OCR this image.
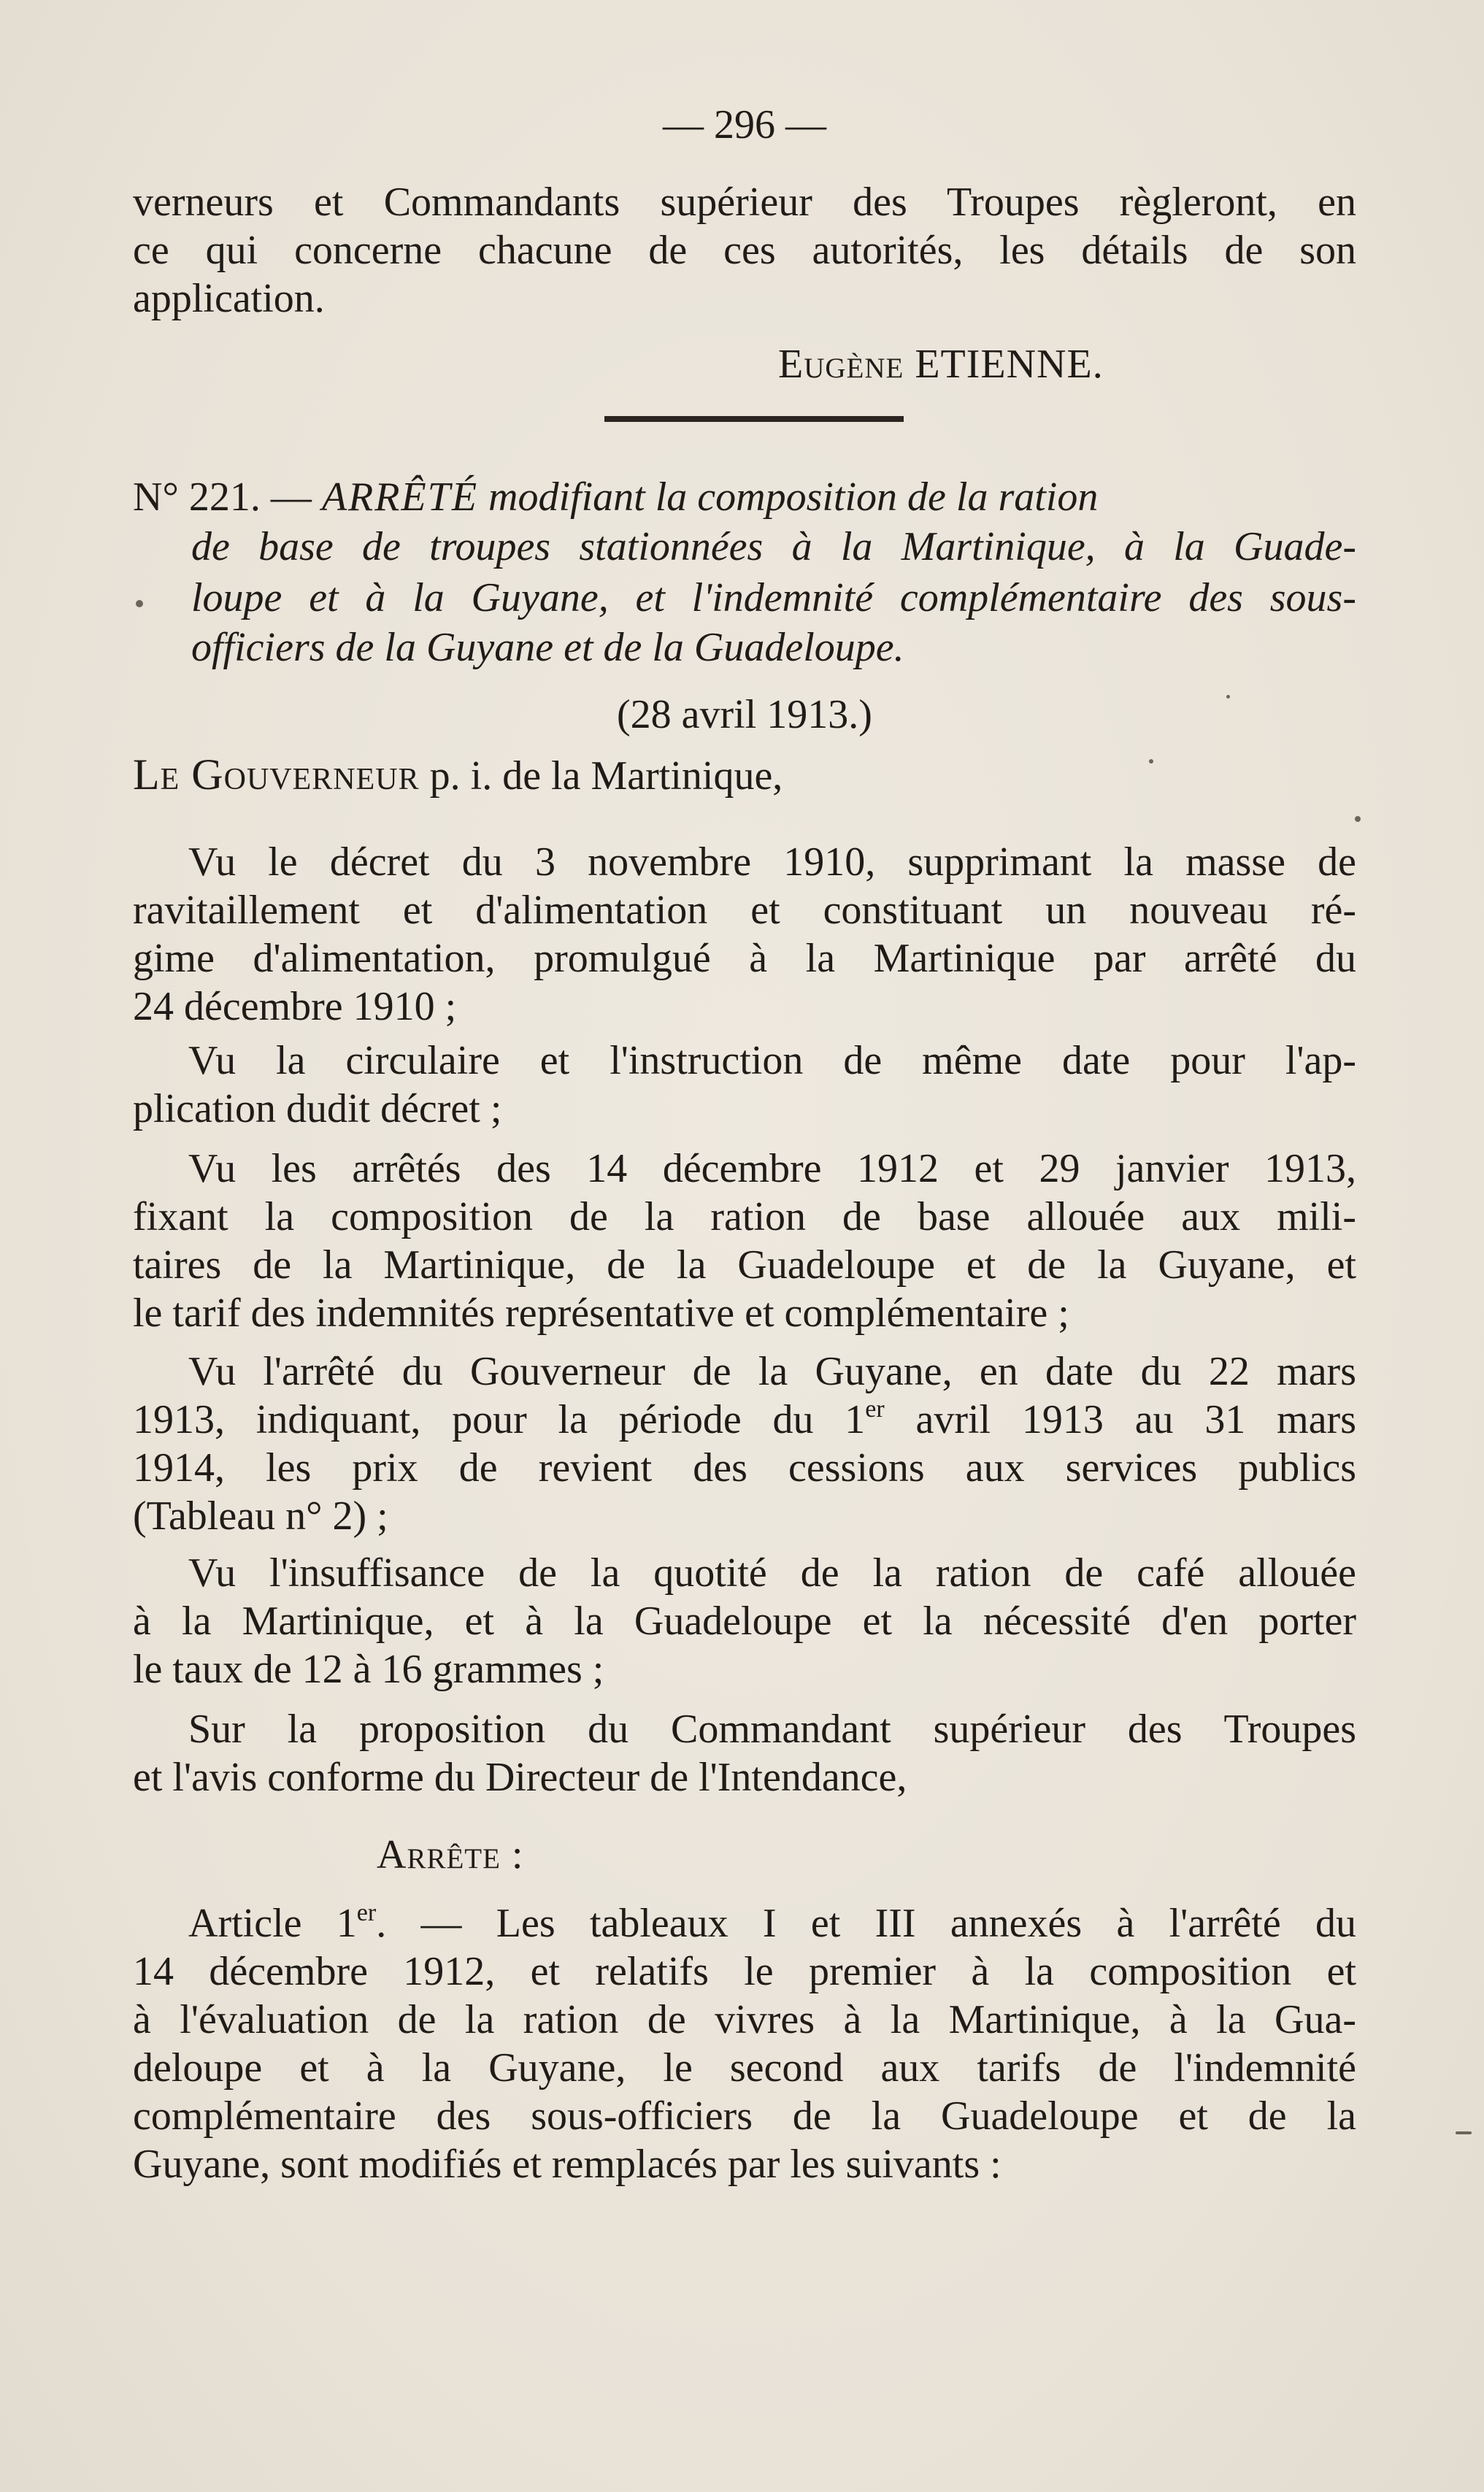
— 296 —
verneurs et Commandants supérieur des Troupes règleront, en
ce qui concerne chacune de ces autorités, les détails de son
application.
Eugène ETIENNE.
N° 221. — ARRÊTÉ modifiant la composition de la ration
de base de troupes stationnées à la Martinique, à la Guade-
loupe et à la Guyane, et l'indemnité complémentaire des sous-
officiers de la Guyane et de la Guadeloupe.
(28 avril 1913.)
Le Gouverneur p. i. de la Martinique,
Vu le décret du 3 novembre 1910, supprimant la masse de
ravitaillement et d'alimentation et constituant un nouveau ré-
gime d'alimentation, promulgué à la Martinique par arrêté du
24 décembre 1910 ;
Vu la circulaire et l'instruction de même date pour l'ap-
plication dudit décret ;
Vu les arrêtés des 14 décembre 1912 et 29 janvier 1913,
fixant la composition de la ration de base allouée aux mili-
taires de la Martinique, de la Guadeloupe et de la Guyane, et
le tarif des indemnités représentative et complémentaire ;
Vu l'arrêté du Gouverneur de la Guyane, en date du 22 mars
1913, indiquant, pour la période du 1er avril 1913 au 31 mars
1914, les prix de revient des cessions aux services publics
(Tableau n° 2) ;
Vu l'insuffisance de la quotité de la ration de café allouée
à la Martinique, et à la Guadeloupe et la nécessité d'en porter
le taux de 12 à 16 grammes ;
Sur la proposition du Commandant supérieur des Troupes
et l'avis conforme du Directeur de l'Intendance,
Arrête :
Article 1er. — Les tableaux I et III annexés à l'arrêté du
14 décembre 1912, et relatifs le premier à la composition et
à l'évaluation de la ration de vivres à la Martinique, à la Gua-
deloupe et à la Guyane, le second aux tarifs de l'indemnité
complémentaire des sous-officiers de la Guadeloupe et de la
Guyane, sont modifiés et remplacés par les suivants :
